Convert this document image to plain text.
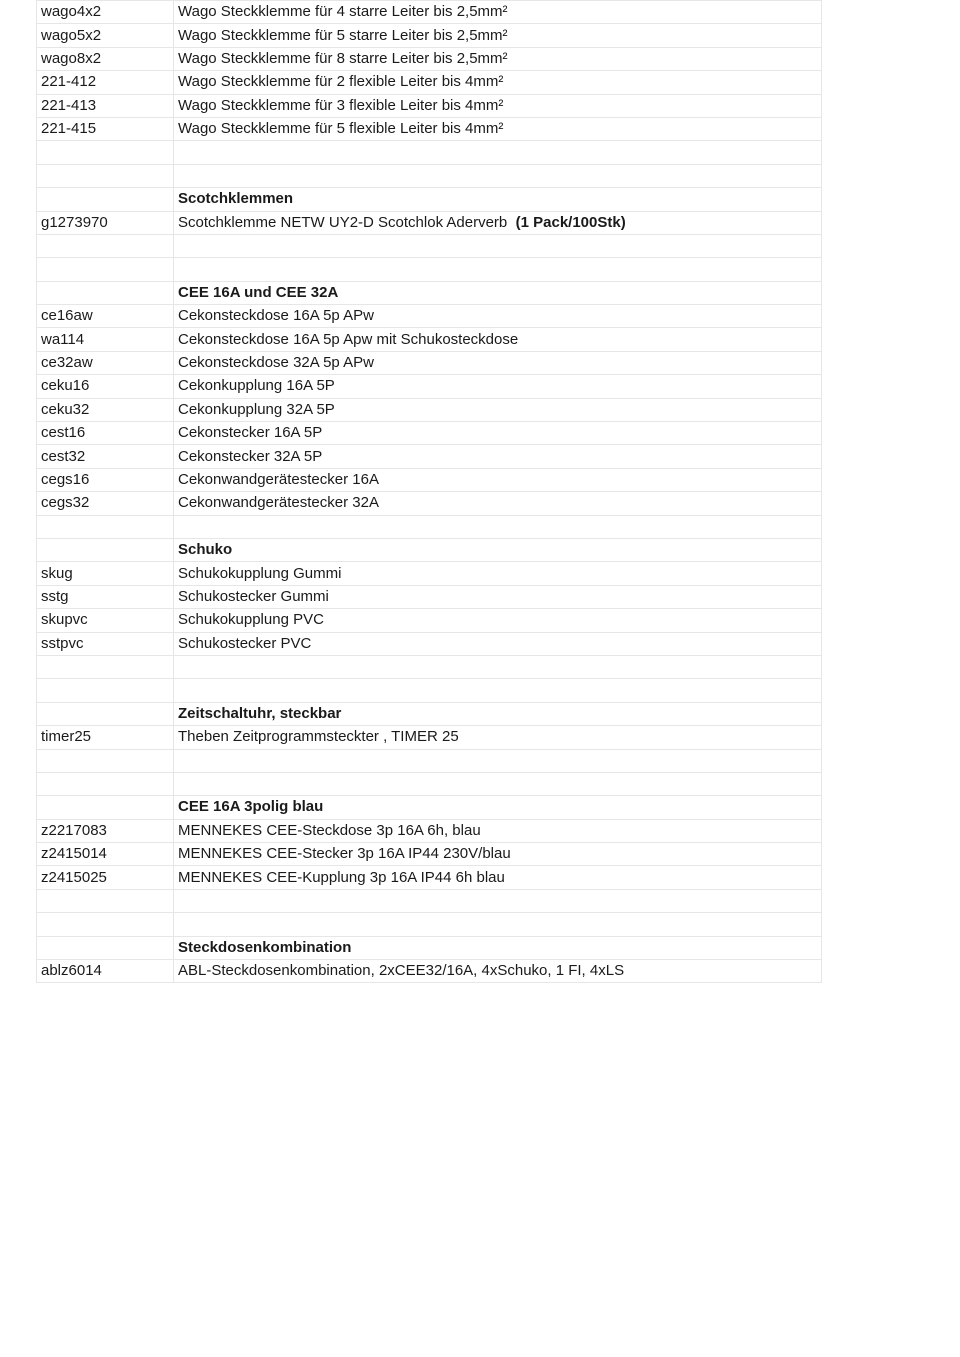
wago4x2	Wago Steckklemme für 4 starre Leiter bis 2,5mm²
wago5x2	Wago Steckklemme für 5 starre Leiter bis 2,5mm²
wago8x2	Wago Steckklemme für 8 starre Leiter bis 2,5mm²
221-412	Wago Steckklemme für 2 flexible Leiter bis 4mm²
221-413	Wago Steckklemme für 3 flexible Leiter bis 4mm²
221-415	Wago Steckklemme für 5 flexible Leiter bis 4mm²

	Scotchklemmen
g1273970	Scotchklemme NETW UY2-D Scotchlok Aderverb (1 Pack/100Stk)

	CEE 16A und CEE 32A
ce16aw	Cekonsteckdose 16A 5p APw
wa114	Cekonsteckdose 16A 5p Apw mit Schukosteckdose
ce32aw	Cekonsteckdose 32A 5p APw
ceku16	Cekonkupplung 16A 5P
ceku32	Cekonkupplung 32A 5P
cest16	Cekonstecker 16A 5P
cest32	Cekonstecker 32A 5P
cegs16	Cekonwandgerätestecker 16A
cegs32	Cekonwandgerätestecker 32A

	Schuko
skug	Schukokupplung Gummi
sstg	Schukostecker Gummi
skupvc	Schukokupplung PVC
sstpvc	Schukostecker PVC

	Zeitschaltuhr, steckbar
timer25	Theben Zeitprogrammsteckter , TIMER 25

	CEE 16A 3polig blau
z2217083	MENNEKES CEE-Steckdose 3p 16A 6h, blau
z2415014	MENNEKES CEE-Stecker 3p 16A IP44 230V/blau
z2415025	MENNEKES CEE-Kupplung 3p 16A IP44 6h blau

	Steckdosenkombination
ablz6014	ABL-Steckdosenkombination, 2xCEE32/16A, 4xSchuko, 1 FI, 4xLS
